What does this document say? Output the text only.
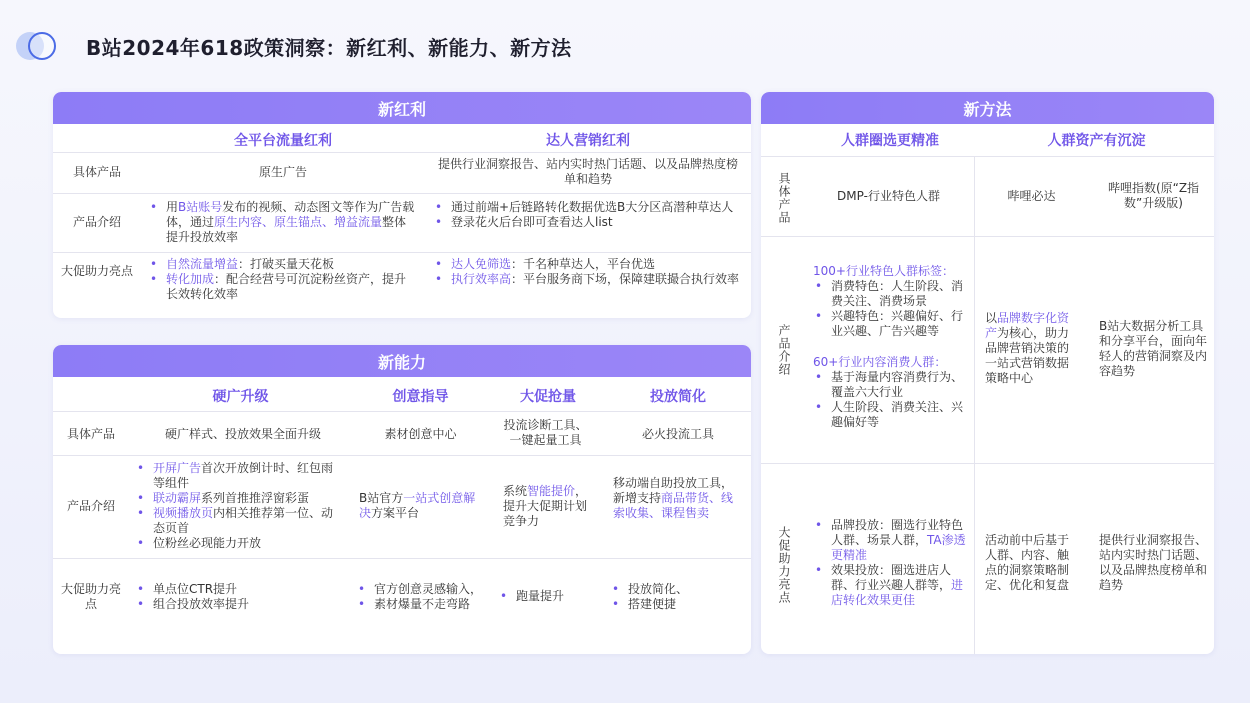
B站2024年618政策洞察：新红利、新能力、新方法
新红利
全平台流量红利	达人营销红利
具体产品
产品介绍
大促助力亮点
原生广告
提供行业洞察报告、站内实时热门话题、以及品牌热度榜单和趋势
• 用B站账号发布的视频、动态图文等作为广告载体，通过原生内容、原生锚点、增益流量整体提升投放效率
• 通过前端+后链路转化数据优选B大分区高潜种草达人
• 登录花火后台即可查看达人list
• 自然流量增益：打破买量天花板
• 转化加成：配合经营号可沉淀粉丝资产，提升长效转化效率
• 达人免筛选：千名种草达人，平台优选
• 执行效率高：平台服务商下场，保障建联撮合执行效率
新能力
硬广升级	创意指导	大促抢量	投放简化
具体产品
产品介绍
大促助力亮点
硬广样式、投放效果全面升级	素材创意中心
投流诊断工具、一键起量工具	必火投流工具
• 开屏广告首次开放倒计时、红包雨等组件
• 联动霸屏系列首推推浮窗彩蛋
• 视频播放页内相关推荐第一位、动态页首
• 位粉丝必现能力开放
B站官方一站式创意解决方案平台
系统智能提价，提升大促期计划竞争力
移动端自助投放工具，新增支持商品带货、线索收集、课程售卖
• 单点位CTR提升
• 组合投放效率提升
• 官方创意灵感输入，
• 素材爆量不走弯路
• 跑量提升
•	投放简化、
• 搭建便捷
新方法
人群圈选更精准	人群资产有沉淀
具体产品
产品介绍
大促助力亮点
DMP-行业特色人群	哔哩必达
哔哩指数(原“Z指数”升级版)
100+行业特色人群标签：
• 消费特色：人生阶段、消费关注、消费场景
• 兴趣特色：兴趣偏好、行业兴趣、广告兴趣等
60+行业内容消费人群：
• 基于海量内容消费行为、覆盖六大行业
• 人生阶段、消费关注、兴趣偏好等
以品牌数字化资产为核心，助力品牌营销决策的一站式营销数据策略中心
B站大数据分析工具和分享平台，面向年轻人的营销洞察及内容趋势
• 品牌投放：圈选行业特色人群、场景人群，TA渗透更精准
• 效果投放：圈选进店人群、行业兴趣人群等，进店转化效果更佳
活动前中后基于人群、内容、触点的洞察策略制定、优化和复盘
提供行业洞察报告、站内实时热门话题、以及品牌热度榜单和趋势
